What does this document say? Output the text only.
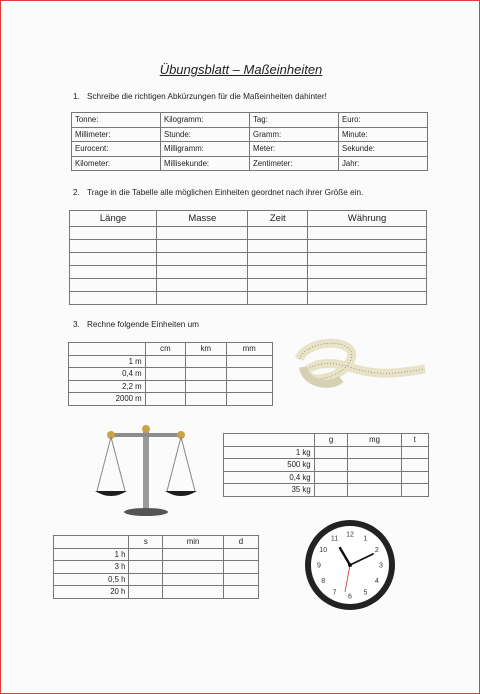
Übungsblatt – Maßeinheiten
1. Schreibe die richtigen Abkürzungen für die Maßeinheiten dahinter!
Tonne:	Kilogramm:	Tag:	Euro:
Millimeter:	Stunde:	Gramm:	Minute:
Eurocent:	Milligramm:	Meter:	Sekunde:
Kilometer:	Millisekunde:	Zentimeter:	Jahr:
2. Trage in die Tabelle alle möglichen Einheiten geordnet nach ihrer Größe ein.
Länge	Masse	Zeit	Währung

3. Rechne folgende Einheiten um
	cm	km	mm
1 m			
0,4 m			
2,2 m			
2000 m			
	g	mg	t
1 kg			
500 kg			
0,4 kg			
35 kg			
	s	min	d
1 h			
3 h			
0,5 h			
20 h			
12
1
2
3
4
5
6
7
8
9
10
11
